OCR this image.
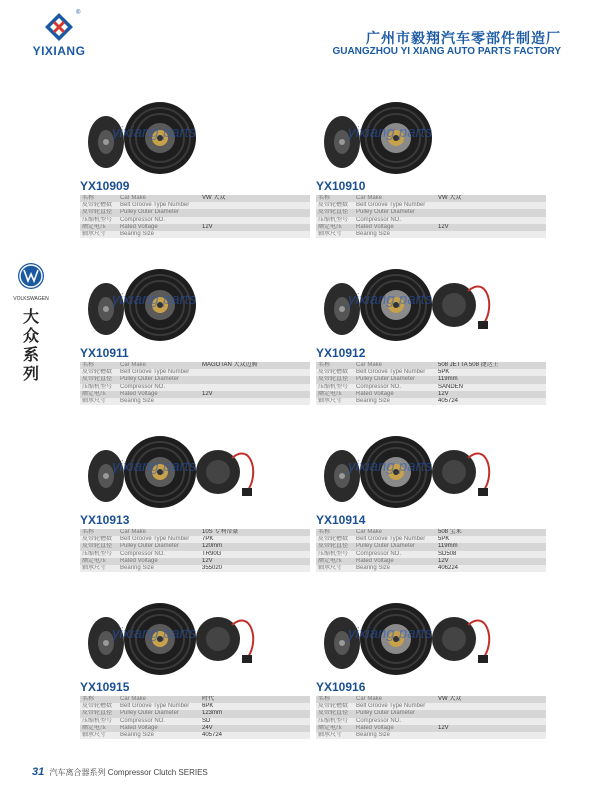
®
YIXIANG
广州市毅翔汽车零部件制造厂
GUANGZHOU YI XIANG AUTO PARTS FACTORY
VOLKSWAGEN
大众系列
yixiang parts
YX10909
名称	Car Make	VW 大众
皮带轮槽数	Belt Groove Type Number	
皮带轮直径	Pulley Outer Diameter	
压缩机型号	Compressor NO.	
额定电压	Rated Voltage	12V
轴承尺寸	Bearing Size	
yixiang parts
YX10910
名称	Car Make	VW 大众
皮带轮槽数	Belt Groove Type Number	
皮带轮直径	Pulley Outer Diameter	
压缩机型号	Compressor NO.	
额定电压	Rated Voltage	12V
轴承尺寸	Bearing Size	
yixiang parts
YX10911
名称	Car Make	MAGOTAN 大众迈腾
皮带轮槽数	Belt Groove Type Number	
皮带轮直径	Pulley Outer Diameter	
压缩机型号	Compressor NO.	
额定电压	Rated Voltage	12V
轴承尺寸	Bearing Size	
yixiang parts
YX10912
名称	Car Make	508 JETTA 508 捷达王
皮带轮槽数	Belt Groove Type Number	5PK
皮带轮直径	Pulley Outer Diameter	119mm
压缩机型号	Compressor NO.	SANDEN
额定电压	Rated Voltage	12V
轴承尺寸	Bearing Size	405724
yixiang parts
YX10913
名称	Car Make	10S 专利帝豪
皮带轮槽数	Belt Groove Type Number	7PK
皮带轮直径	Pulley Outer Diameter	120mm
压缩机型号	Compressor NO.	TR90G
额定电压	Rated Voltage	12V
轴承尺寸	Bearing Size	355020
yixiang parts
YX10914
名称	Car Make	508 宝来
皮带轮槽数	Belt Groove Type Number	5PK
皮带轮直径	Pulley Outer Diameter	119mm
压缩机型号	Compressor NO.	SD508
额定电压	Rated Voltage	12V
轴承尺寸	Bearing Size	406224
yixiang parts
YX10915
名称	Car Make	时代
皮带轮槽数	Belt Groove Type Number	6PK
皮带轮直径	Pulley Outer Diameter	123mm
压缩机型号	Compressor NO.	SD
额定电压	Rated Voltage	24V
轴承尺寸	Bearing Size	405724
yixiang parts
YX10916
名称	Car Make	VW 大众
皮带轮槽数	Belt Groove Type Number	
皮带轮直径	Pulley Outer Diameter	
压缩机型号	Compressor NO.	
额定电压	Rated Voltage	12V
轴承尺寸	Bearing Size	
31 汽车离合器系列 Compressor Clutch SERIES
